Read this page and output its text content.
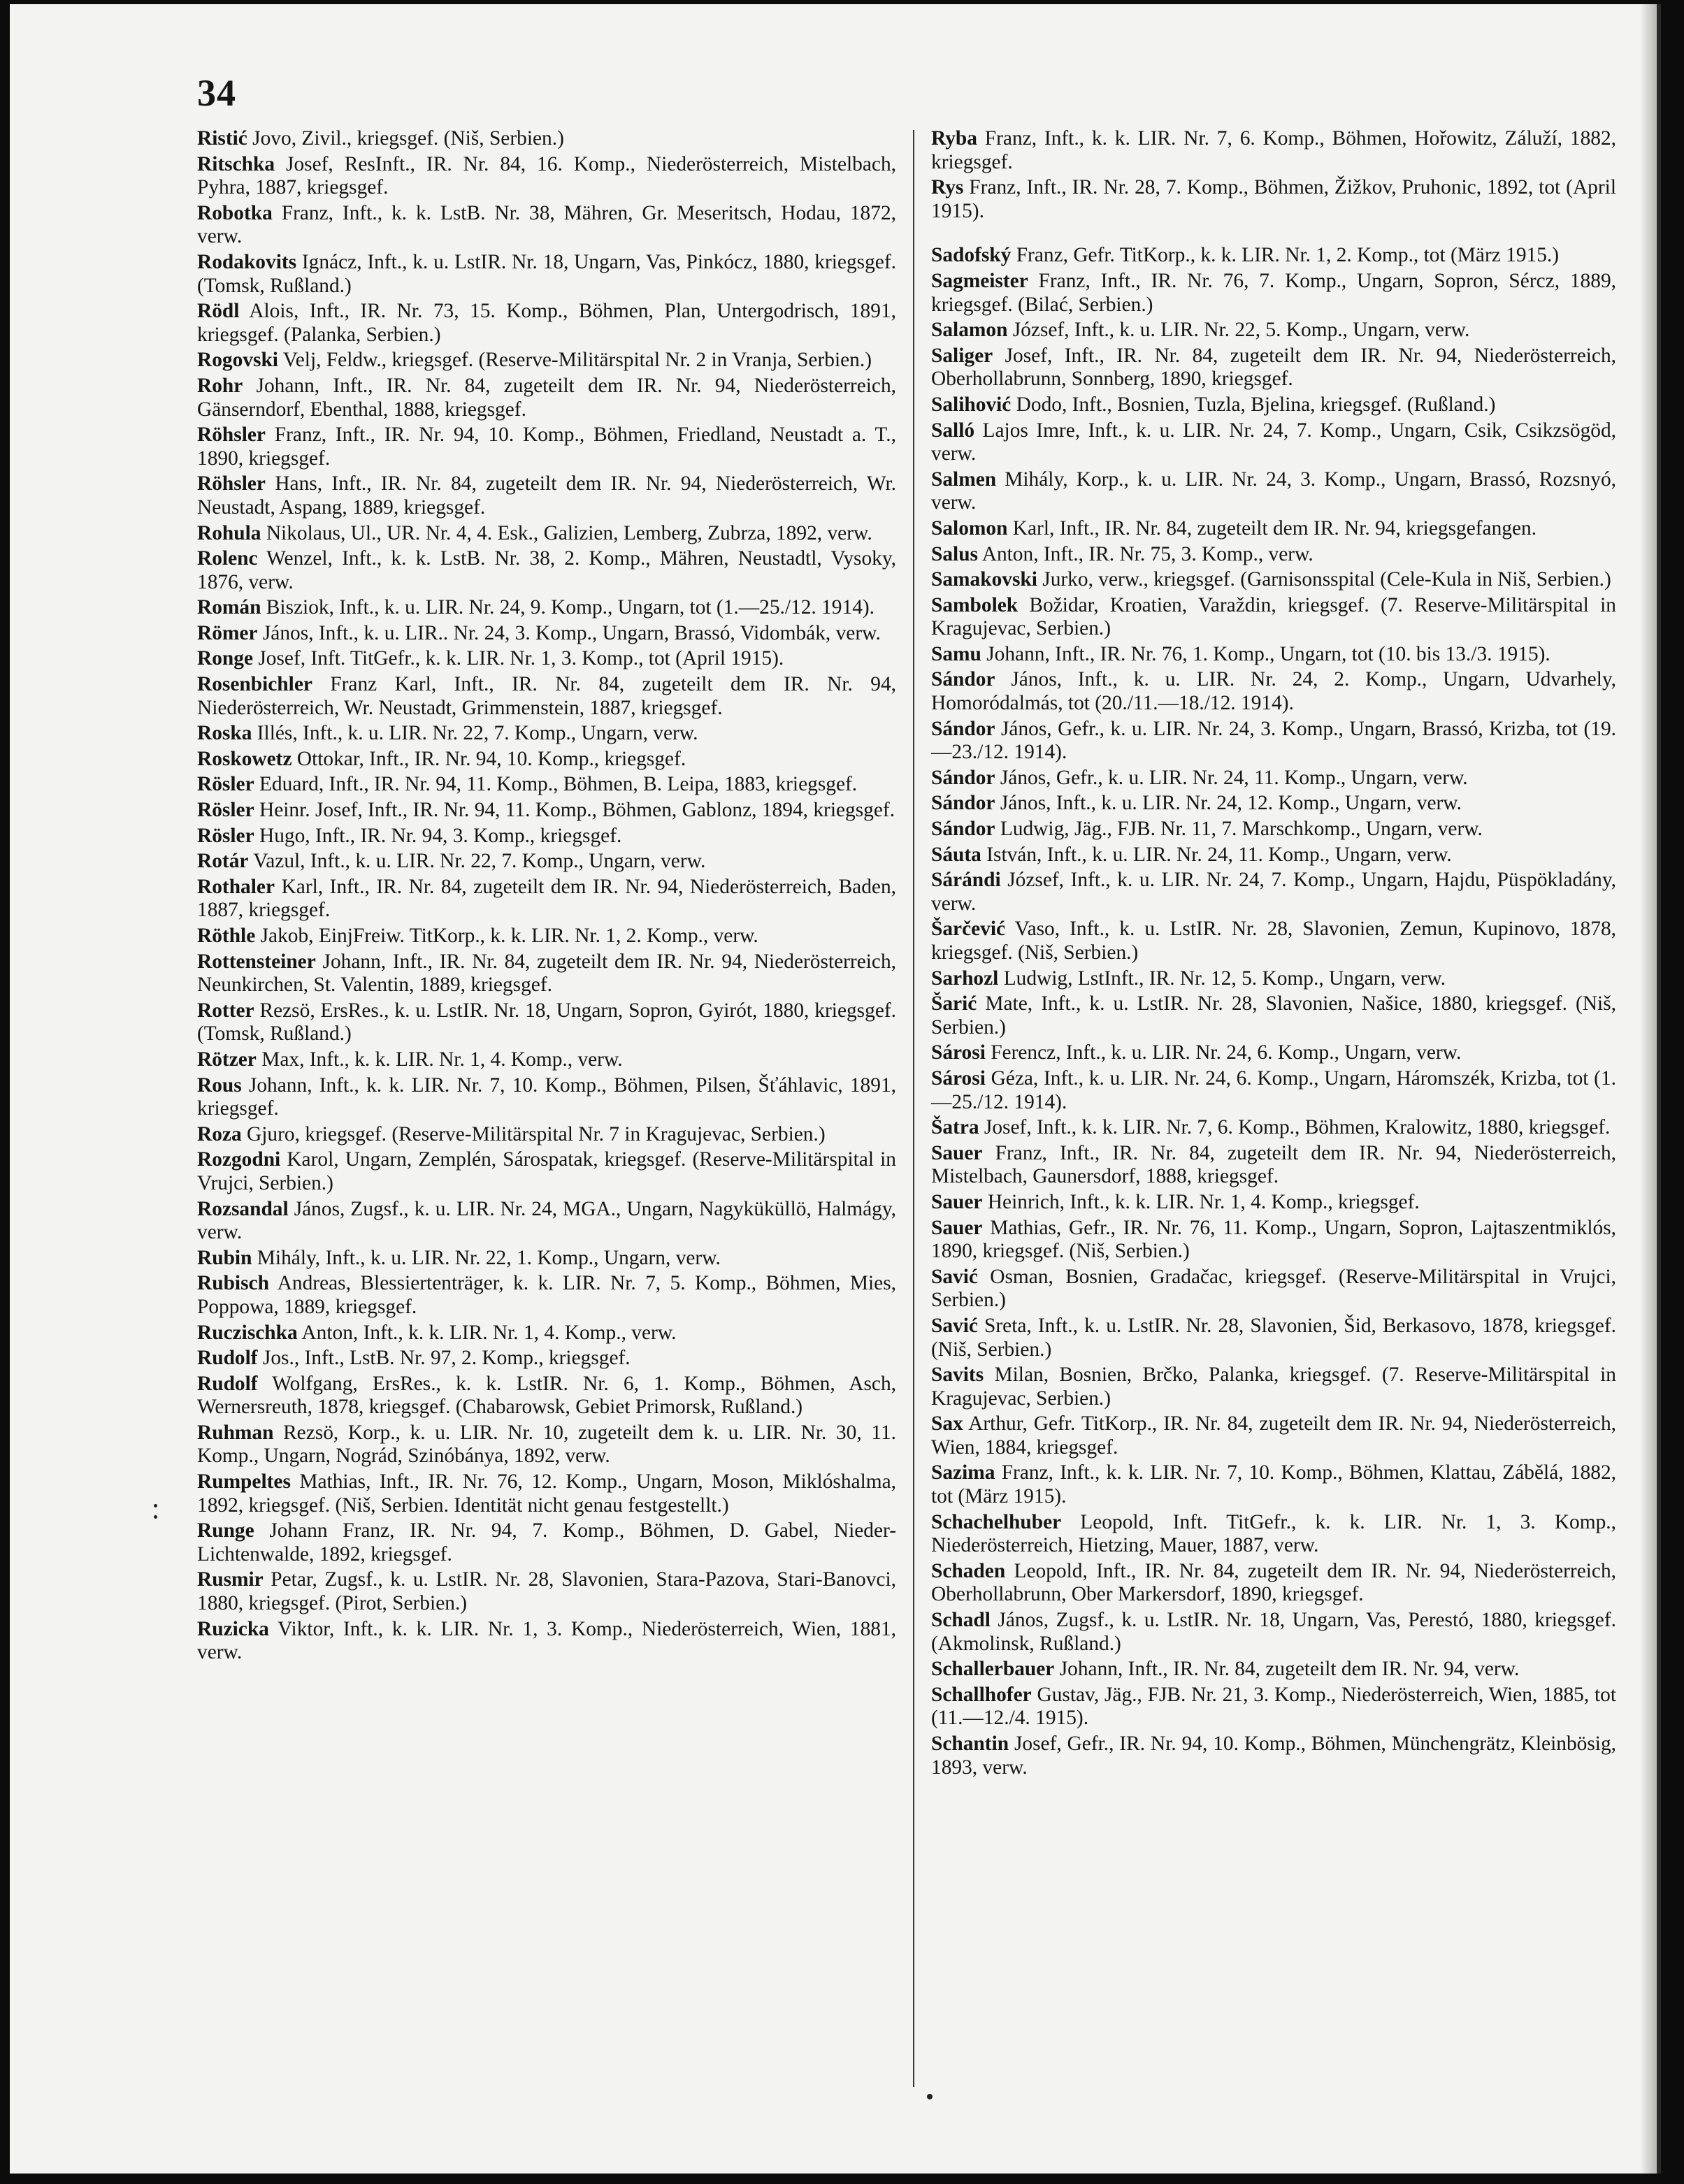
34

Ristić Jovo, Zivil., kriegsgef. (Niš, Serbien.)

Ritschka Josef, ResInft., IR. Nr. 84, 16. Komp., Niederösterreich, Mistelbach, Pyhra, 1887, kriegsgef.

Robotka Franz, Inft., k. k. LstB. Nr. 38, Mähren, Gr. Meseritsch, Hodau, 1872, verw.

Rodakovits Ignácz, Inft., k. u. LstIR. Nr. 18, Ungarn, Vas, Pinkócz, 1880, kriegsgef. (Tomsk, Rußland.)

Rödl Alois, Inft., IR. Nr. 73, 15. Komp., Böhmen, Plan, Untergodrisch, 1891, kriegsgef. (Palanka, Serbien.)

Rogovski Velj, Feldw., kriegsgef. (Reserve-Militärspital Nr. 2 in Vranja, Serbien.)

Rohr Johann, Inft., IR. Nr. 84, zugeteilt dem IR. Nr. 94, Niederösterreich, Gänserndorf, Ebenthal, 1888, kriegsgef.

Röhsler Franz, Inft., IR. Nr. 94, 10. Komp., Böhmen, Friedland, Neustadt a. T., 1890, kriegsgef.

Röhsler Hans, Inft., IR. Nr. 84, zugeteilt dem IR. Nr. 94, Niederösterreich, Wr. Neustadt, Aspang, 1889, kriegsgef.

Rohula Nikolaus, Ul., UR. Nr. 4, 4. Esk., Galizien, Lemberg, Zubrza, 1892, verw.

Rolenc Wenzel, Inft., k. k. LstB. Nr. 38, 2. Komp., Mähren, Neustadtl, Vysoky, 1876, verw.

Román Bisziok, Inft., k. u. LIR. Nr. 24, 9. Komp., Ungarn, tot (1.—25./12. 1914).

Römer János, Inft., k. u. LIR.. Nr. 24, 3. Komp., Ungarn, Brassó, Vidombák, verw.

Ronge Josef, Inft. TitGefr., k. k. LIR. Nr. 1, 3. Komp., tot (April 1915).

Rosenbichler Franz Karl, Inft., IR. Nr. 84, zugeteilt dem IR. Nr. 94, Niederösterreich, Wr. Neustadt, Grimmenstein, 1887, kriegsgef.

Roska Illés, Inft., k. u. LIR. Nr. 22, 7. Komp., Ungarn, verw.

Roskowetz Ottokar, Inft., IR. Nr. 94, 10. Komp., kriegsgef.

Rösler Eduard, Inft., IR. Nr. 94, 11. Komp., Böhmen, B. Leipa, 1883, kriegsgef.

Rösler Heinr. Josef, Inft., IR. Nr. 94, 11. Komp., Böhmen, Gablonz, 1894, kriegsgef.

Rösler Hugo, Inft., IR. Nr. 94, 3. Komp., kriegsgef.

Rotár Vazul, Inft., k. u. LIR. Nr. 22, 7. Komp., Ungarn, verw.

Rothaler Karl, Inft., IR. Nr. 84, zugeteilt dem IR. Nr. 94, Niederösterreich, Baden, 1887, kriegsgef.

Röthle Jakob, EinjFreiw. TitKorp., k. k. LIR. Nr. 1, 2. Komp., verw.

Rottensteiner Johann, Inft., IR. Nr. 84, zugeteilt dem IR. Nr. 94, Niederösterreich, Neunkirchen, St. Valentin, 1889, kriegsgef.

Rotter Rezsö, ErsRes., k. u. LstIR. Nr. 18, Ungarn, Sopron, Gyirót, 1880, kriegsgef. (Tomsk, Rußland.)

Rötzer Max, Inft., k. k. LIR. Nr. 1, 4. Komp., verw.

Rous Johann, Inft., k. k. LIR. Nr. 7, 10. Komp., Böhmen, Pilsen, Šťáhlavic, 1891, kriegsgef.

Roza Gjuro, kriegsgef. (Reserve-Militärspital Nr. 7 in Kragujevac, Serbien.)

Rozgodni Karol, Ungarn, Zemplén, Sárospatak, kriegsgef. (Reserve-Militärspital in Vrujci, Serbien.)

Rozsandal János, Zugsf., k. u. LIR. Nr. 24, MGA., Ungarn, Nagyküküllö, Halmágy, verw.

Rubin Mihály, Inft., k. u. LIR. Nr. 22, 1. Komp., Ungarn, verw.

Rubisch Andreas, Blessiertenträger, k. k. LIR. Nr. 7, 5. Komp., Böhmen, Mies, Poppowa, 1889, kriegsgef.

Ruczischka Anton, Inft., k. k. LIR. Nr. 1, 4. Komp., verw.

Rudolf Jos., Inft., LstB. Nr. 97, 2. Komp., kriegsgef.

Rudolf Wolfgang, ErsRes., k. k. LstIR. Nr. 6, 1. Komp., Böhmen, Asch, Wernersreuth, 1878, kriegsgef. (Chabarowsk, Gebiet Primorsk, Rußland.)

Ruhman Rezsö, Korp., k. u. LIR. Nr. 10, zugeteilt dem k. u. LIR. Nr. 30, 11. Komp., Ungarn, Nográd, Szinóbánya, 1892, verw.

Rumpeltes Mathias, Inft., IR. Nr. 76, 12. Komp., Ungarn, Moson, Miklóshalma, 1892, kriegsgef. (Niš, Serbien. Identität nicht genau festgestellt.)

Runge Johann Franz, IR. Nr. 94, 7. Komp., Böhmen, D. Gabel, Nieder-Lichtenwalde, 1892, kriegsgef.

Rusmir Petar, Zugsf., k. u. LstIR. Nr. 28, Slavonien, Stara-Pazova, Stari-Banovci, 1880, kriegsgef. (Pirot, Serbien.)

Ruzicka Viktor, Inft., k. k. LIR. Nr. 1, 3. Komp., Niederösterreich, Wien, 1881, verw.

Ryba Franz, Inft., k. k. LIR. Nr. 7, 6. Komp., Böhmen, Hořowitz, Záluží, 1882, kriegsgef.

Rys Franz, Inft., IR. Nr. 28, 7. Komp., Böhmen, Žižkov, Pruhonic, 1892, tot (April 1915).

Sadofský Franz, Gefr. TitKorp., k. k. LIR. Nr. 1, 2. Komp., tot (März 1915.)

Sagmeister Franz, Inft., IR. Nr. 76, 7. Komp., Ungarn, Sopron, Sércz, 1889, kriegsgef. (Bilać, Serbien.)

Salamon József, Inft., k. u. LIR. Nr. 22, 5. Komp., Ungarn, verw.

Saliger Josef, Inft., IR. Nr. 84, zugeteilt dem IR. Nr. 94, Niederösterreich, Oberhollabrunn, Sonnberg, 1890, kriegsgef.

Salihović Dodo, Inft., Bosnien, Tuzla, Bjelina, kriegsgef. (Rußland.)

Salló Lajos Imre, Inft., k. u. LIR. Nr. 24, 7. Komp., Ungarn, Csik, Csikzsögöd, verw.

Salmen Mihály, Korp., k. u. LIR. Nr. 24, 3. Komp., Ungarn, Brassó, Rozsnyó, verw.

Salomon Karl, Inft., IR. Nr. 84, zugeteilt dem IR. Nr. 94, kriegsgefangen.

Salus Anton, Inft., IR. Nr. 75, 3. Komp., verw.

Samakovski Jurko, verw., kriegsgef. (Garnisonsspital (Cele-Kula in Niš, Serbien.)

Sambolek Božidar, Kroatien, Varaždin, kriegsgef. (7. Reserve-Militärspital in Kragujevac, Serbien.)

Samu Johann, Inft., IR. Nr. 76, 1. Komp., Ungarn, tot (10. bis 13./3. 1915).

Sándor János, Inft., k. u. LIR. Nr. 24, 2. Komp., Ungarn, Udvarhely, Homoródalmás, tot (20./11.—18./12. 1914).

Sándor János, Gefr., k. u. LIR. Nr. 24, 3. Komp., Ungarn, Brassó, Krizba, tot (19.—23./12. 1914).

Sándor János, Gefr., k. u. LIR. Nr. 24, 11. Komp., Ungarn, verw.

Sándor János, Inft., k. u. LIR. Nr. 24, 12. Komp., Ungarn, verw.

Sándor Ludwig, Jäg., FJB. Nr. 11, 7. Marschkomp., Ungarn, verw.

Sáuta István, Inft., k. u. LIR. Nr. 24, 11. Komp., Ungarn, verw.

Sárándi József, Inft., k. u. LIR. Nr. 24, 7. Komp., Ungarn, Hajdu, Püspökladány, verw.

Šarčević Vaso, Inft., k. u. LstIR. Nr. 28, Slavonien, Zemun, Kupinovo, 1878, kriegsgef. (Niš, Serbien.)

Sarhozl Ludwig, LstInft., IR. Nr. 12, 5. Komp., Ungarn, verw.

Šarić Mate, Inft., k. u. LstIR. Nr. 28, Slavonien, Našice, 1880, kriegsgef. (Niš, Serbien.)

Sárosi Ferencz, Inft., k. u. LIR. Nr. 24, 6. Komp., Ungarn, verw.

Sárosi Géza, Inft., k. u. LIR. Nr. 24, 6. Komp., Ungarn, Háromszék, Krizba, tot (1.—25./12. 1914).

Šatra Josef, Inft., k. k. LIR. Nr. 7, 6. Komp., Böhmen, Kralowitz, 1880, kriegsgef.

Sauer Franz, Inft., IR. Nr. 84, zugeteilt dem IR. Nr. 94, Niederösterreich, Mistelbach, Gaunersdorf, 1888, kriegsgef.

Sauer Heinrich, Inft., k. k. LIR. Nr. 1, 4. Komp., kriegsgef.

Sauer Mathias, Gefr., IR. Nr. 76, 11. Komp., Ungarn, Sopron, Lajtaszentmiklós, 1890, kriegsgef. (Niš, Serbien.)

Savić Osman, Bosnien, Gradačac, kriegsgef. (Reserve-Militärspital in Vrujci, Serbien.)

Savić Sreta, Inft., k. u. LstIR. Nr. 28, Slavonien, Šid, Berkasovo, 1878, kriegsgef. (Niš, Serbien.)

Savits Milan, Bosnien, Brčko, Palanka, kriegsgef. (7. Reserve-Militärspital in Kragujevac, Serbien.)

Sax Arthur, Gefr. TitKorp., IR. Nr. 84, zugeteilt dem IR. Nr. 94, Niederösterreich, Wien, 1884, kriegsgef.

Sazima Franz, Inft., k. k. LIR. Nr. 7, 10. Komp., Böhmen, Klattau, Zábělá, 1882, tot (März 1915).

Schachelhuber Leopold, Inft. TitGefr., k. k. LIR. Nr. 1, 3. Komp., Niederösterreich, Hietzing, Mauer, 1887, verw.

Schaden Leopold, Inft., IR. Nr. 84, zugeteilt dem IR. Nr. 94, Niederösterreich, Oberhollabrunn, Ober Markersdorf, 1890, kriegsgef.

Schadl János, Zugsf., k. u. LstIR. Nr. 18, Ungarn, Vas, Perestó, 1880, kriegsgef. (Akmolinsk, Rußland.)

Schallerbauer Johann, Inft., IR. Nr. 84, zugeteilt dem IR. Nr. 94, verw.

Schallhofer Gustav, Jäg., FJB. Nr. 21, 3. Komp., Niederösterreich, Wien, 1885, tot (11.—12./4. 1915).

Schantin Josef, Gefr., IR. Nr. 94, 10. Komp., Böhmen, Münchengrätz, Kleinbösig, 1893, verw.
